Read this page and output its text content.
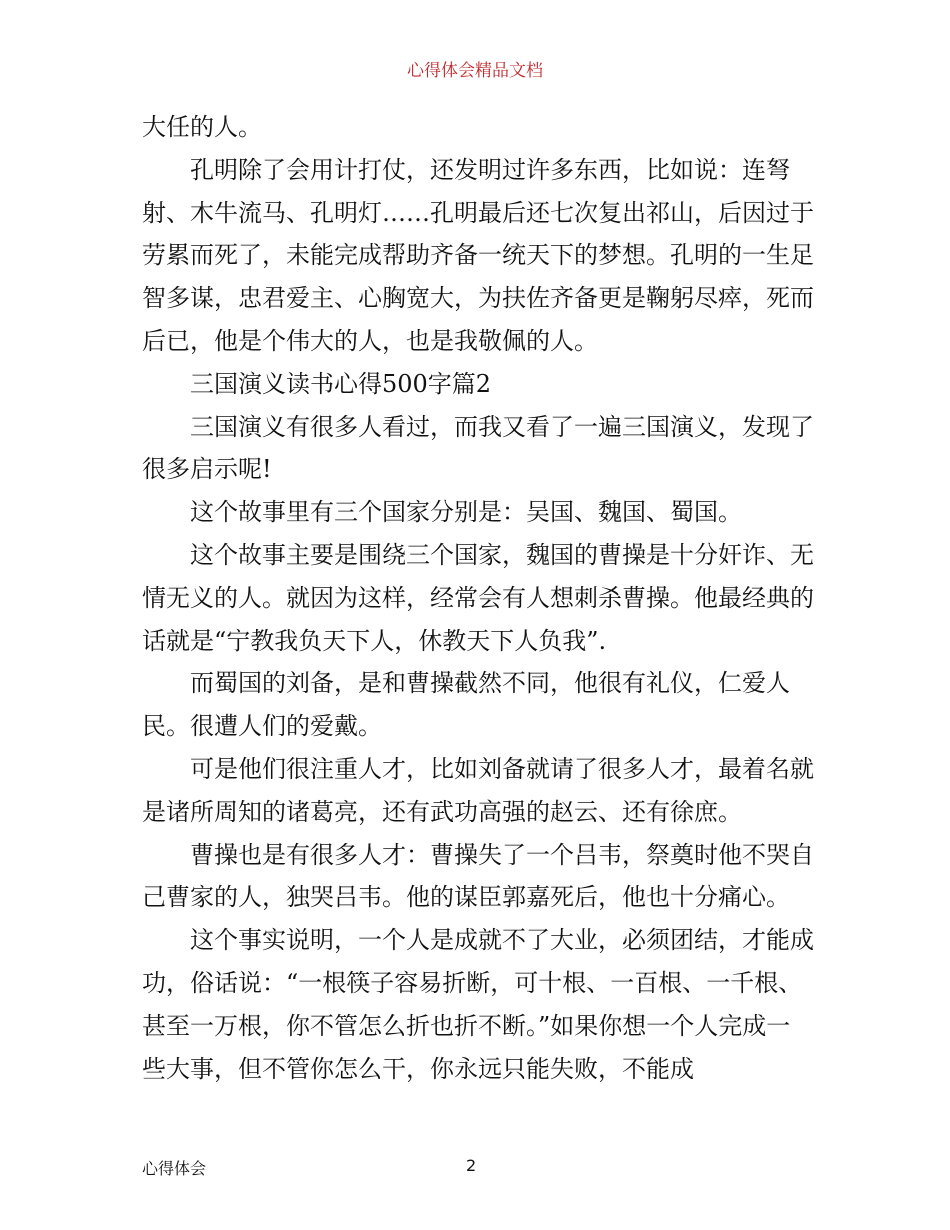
心得体会精品文档

大任的人。

孔明除了会用计打仗，还发明过许多东西，比如说：连弩射、木牛流马、孔明灯……孔明最后还七次复出祁山，后因过于劳累而死了，未能完成帮助齐备一统天下的梦想。孔明的一生足智多谋，忠君爱主、心胸宽大，为扶佐齐备更是鞠躬尽瘁，死而后已，他是个伟大的人，也是我敬佩的人。

三国演义读书心得500字篇2

三国演义有很多人看过，而我又看了一遍三国演义，发现了很多启示呢!

这个故事里有三个国家分别是：吴国、魏国、蜀国。

这个故事主要是围绕三个国家，魏国的曹操是十分奸诈、无情无义的人。就因为这样，经常会有人想刺杀曹操。他最经典的话就是“宁教我负天下人，休教天下人负我”.

而蜀国的刘备，是和曹操截然不同，他很有礼仪，仁爱人民。很遭人们的爱戴。

可是他们很注重人才，比如刘备就请了很多人才，最着名就是诸所周知的诸葛亮，还有武功高强的赵云、还有徐庶。

曹操也是有很多人才：曹操失了一个吕韦，祭奠时他不哭自己曹家的人，独哭吕韦。他的谋臣郭嘉死后，他也十分痛心。

这个事实说明，一个人是成就不了大业，必须团结，才能成功，俗话说：“一根筷子容易折断，可十根、一百根、一千根、甚至一万根，你不管怎么折也折不断。”如果你想一个人完成一些大事，但不管你怎么干，你永远只能失败，不能成

心得体会	2
